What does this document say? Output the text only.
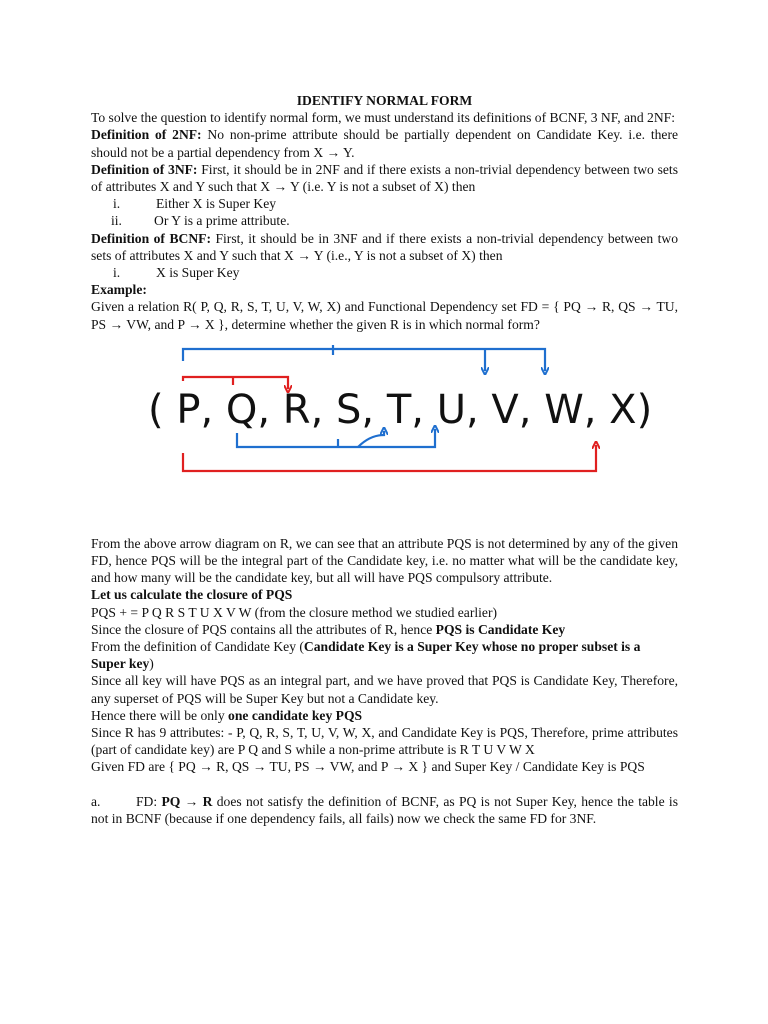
IDENTIFY NORMAL FORM

To solve the question to identify normal form, we must understand its definitions of BCNF, 3 NF, and 2NF:

Definition of 2NF: No non-prime attribute should be partially dependent on Candidate Key. i.e. there should not be a partial dependency from X → Y.

Definition of 3NF: First, it should be in 2NF and if there exists a non-trivial dependency between two sets of attributes X and Y such that X → Y (i.e. Y is not a subset of X) then

i.	Either X is Super Key
ii.	Or Y is a prime attribute.

Definition of BCNF: First, it should be in 3NF and if there exists a non-trivial dependency between two sets of attributes X and Y such that X → Y (i.e., Y is not a subset of X) then

i.	X is Super Key

Example:

Given a relation R( P, Q, R, S, T, U, V, W, X) and Functional Dependency set FD = { PQ → R, QS → TU, PS → VW, and P → X }, determine whether the given R is in which normal form?

( P, Q, R, S, T, U, V, W, X)

From the above arrow diagram on R, we can see that an attribute PQS is not determined by any of the given FD, hence PQS will be the integral part of the Candidate key, i.e. no matter what will be the candidate key, and how many will be the candidate key, but all will have PQS compulsory attribute.

Let us calculate the closure of PQS

PQS + = P Q R S T U X V W (from the closure method we studied earlier)

Since the closure of PQS contains all the attributes of R, hence PQS is Candidate Key

From the definition of Candidate Key (Candidate Key is a Super Key whose no proper subset is a Super key)

Since all key will have PQS as an integral part, and we have proved that PQS is Candidate Key, Therefore, any superset of PQS will be Super Key but not a Candidate key.

Hence there will be only one candidate key PQS

Since R has 9 attributes: - P, Q, R, S, T, U, V, W, X, and Candidate Key is PQS, Therefore, prime attributes (part of candidate key) are P Q and S while a non-prime attribute is R T U V W X

Given FD are { PQ → R, QS → TU, PS → VW, and P → X } and Super Key / Candidate Key is PQS

a.	FD: PQ → R does not satisfy the definition of BCNF, as PQ is not Super Key, hence the table is not in BCNF (because if one dependency fails, all fails) now we check the same FD for 3NF.
